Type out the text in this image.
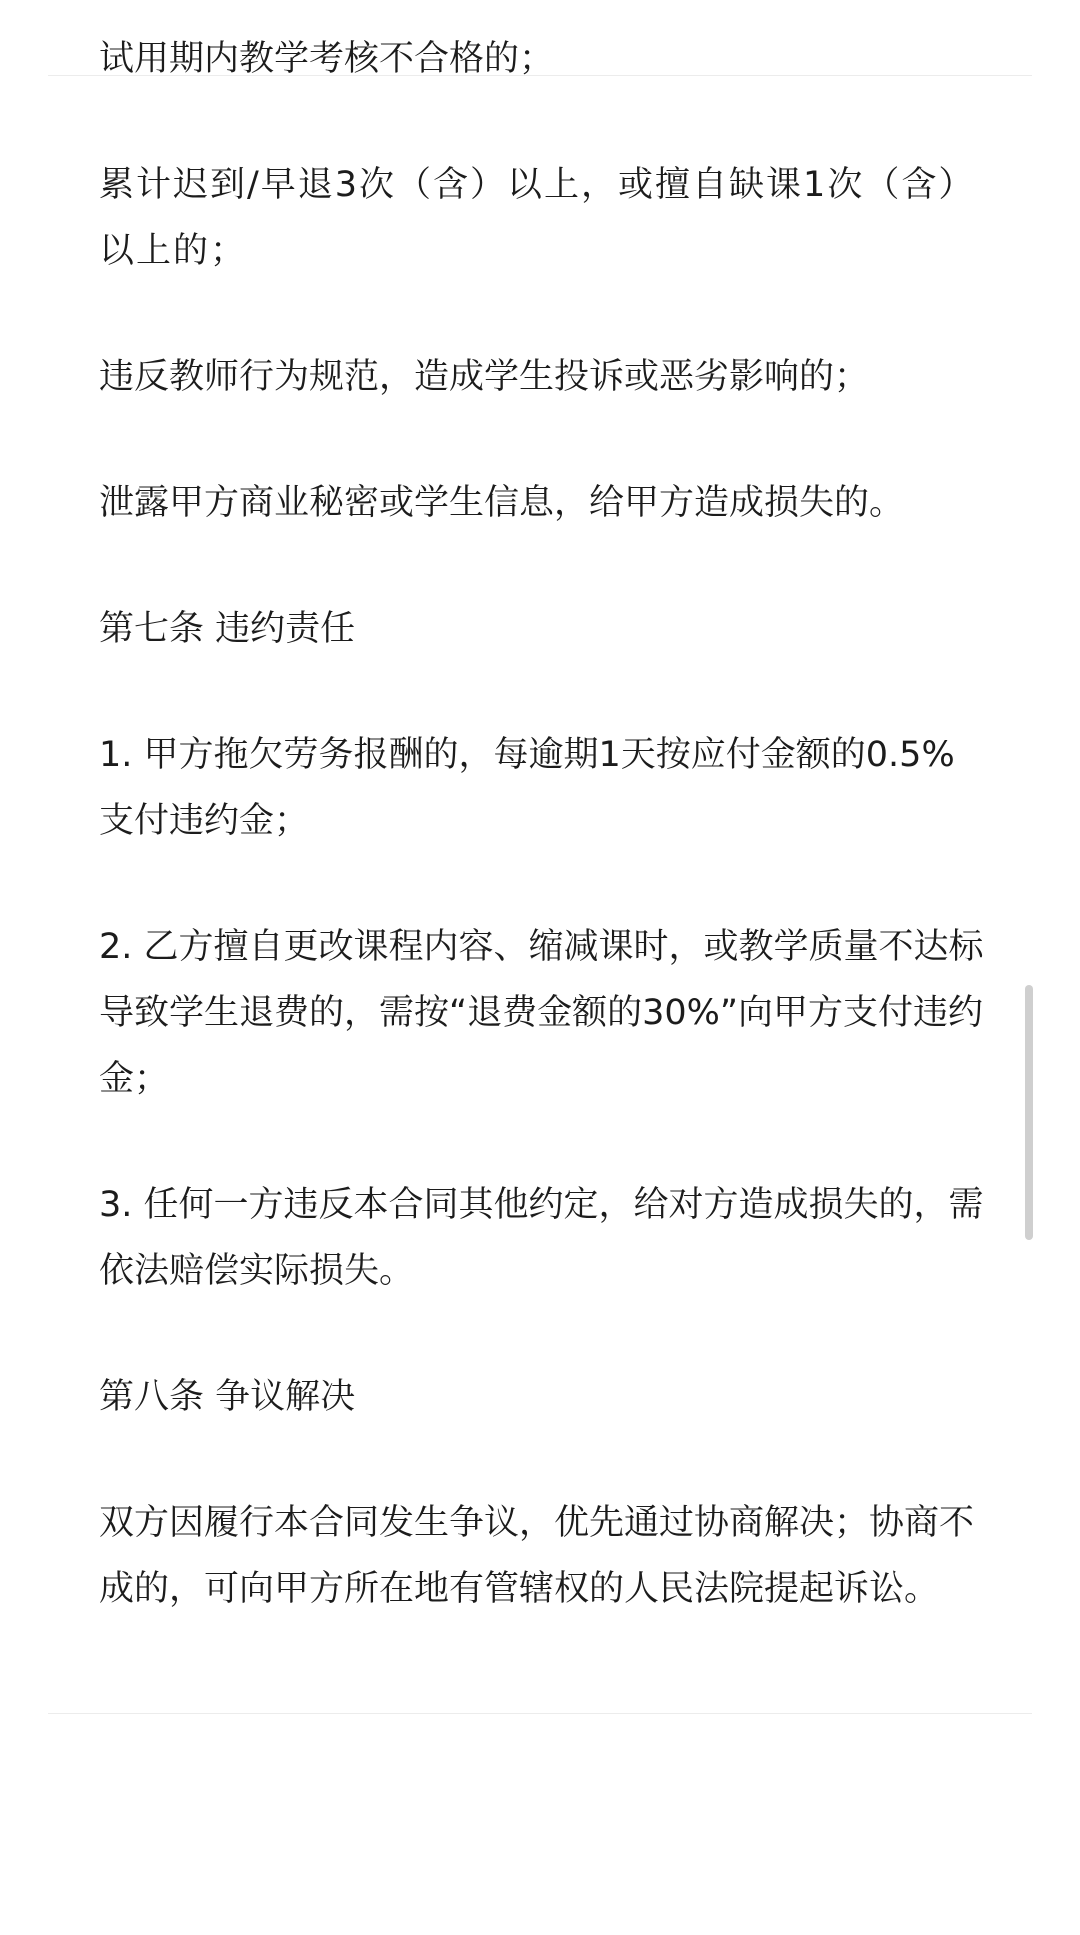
试用期内教学考核不合格的；

累计迟到/早退3次（含）以上，或擅自缺课1次（含）以上的；

违反教师行为规范，造成学生投诉或恶劣影响的；

泄露甲方商业秘密或学生信息，给甲方造成损失的。

第七条 违约责任

1. 甲方拖欠劳务报酬的，每逾期1天按应付金额的0.5%支付违约金；

2. 乙方擅自更改课程内容、缩减课时，或教学质量不达标导致学生退费的，需按“退费金额的30%”向甲方支付违约金；

3. 任何一方违反本合同其他约定，给对方造成损失的，需依法赔偿实际损失。

第八条 争议解决

双方因履行本合同发生争议，优先通过协商解决；协商不成的，可向甲方所在地有管辖权的人民法院提起诉讼。
